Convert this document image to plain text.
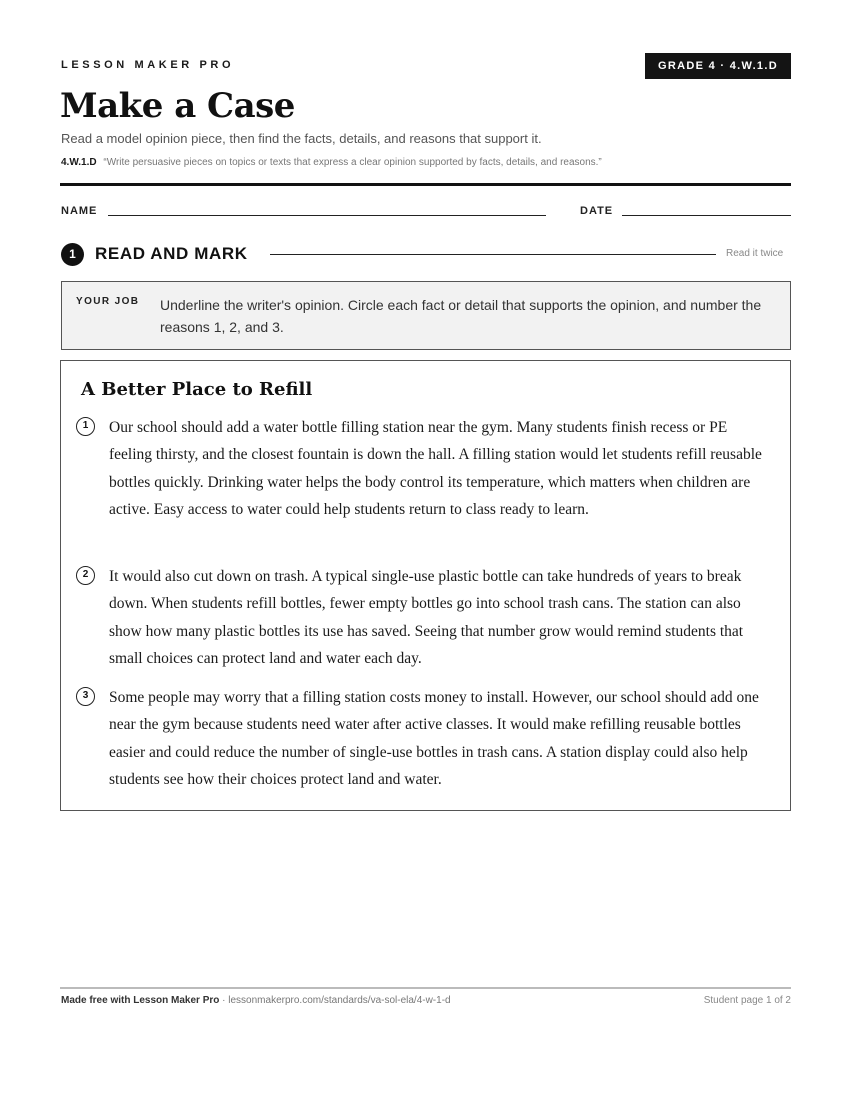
LESSON MAKER PRO	GRADE 4 · 4.W.1.D
Make a Case
Read a model opinion piece, then find the facts, details, and reasons that support it.
4.W.1.D “Write persuasive pieces on topics or texts that express a clear opinion supported by facts, details, and reasons.”
NAME	DATE
1	READ AND MARK	Read it twice
YOUR JOB Underline the writer's opinion. Circle each fact or detail that supports the opinion, and number the reasons 1, 2, and 3.
A Better Place to Refill
1	Our school should add a water bottle filling station near the gym. Many students finish recess or PE feeling thirsty, and the closest fountain is down the hall. A filling station would let students refill reusable bottles quickly. Drinking water helps the body control its temperature, which matters when children are active. Easy access to water could help students return to class ready to learn.
2	It would also cut down on trash. A typical single-use plastic bottle can take hundreds of years to break down. When students refill bottles, fewer empty bottles go into school trash cans. The station can also show how many plastic bottles its use has saved. Seeing that number grow would remind students that small choices can protect land and water each day.
3	Some people may worry that a filling station costs money to install. However, our school should add one near the gym because students need water after active classes. It would make refilling reusable bottles easier and could reduce the number of single-use bottles in trash cans. A station display could also help students see how their choices protect land and water.
Made free with Lesson Maker Pro · lessonmakerpro.com/standards/va-sol-ela/4-w-1-d	Student page 1 of 2
